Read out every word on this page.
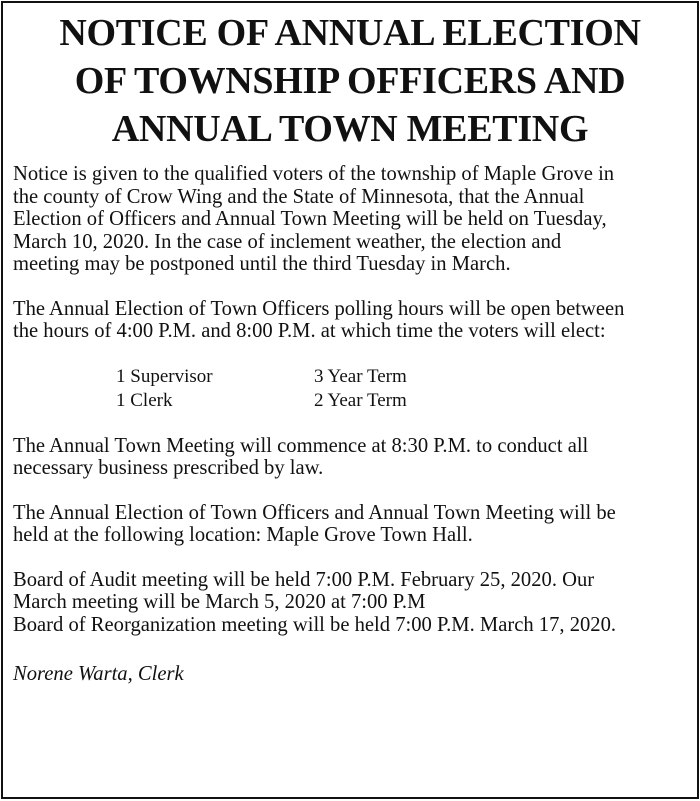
NOTICE OF ANNUAL ELECTION
OF TOWNSHIP OFFICERS AND
ANNUAL TOWN MEETING

Notice is given to the qualified voters of the township of Maple Grove in
the county of Crow Wing and the State of Minnesota, that the Annual
Election of Officers and Annual Town Meeting will be held on Tuesday,
March 10, 2020. In the case of inclement weather, the election and
meeting may be postponed until the third Tuesday in March.

The Annual Election of Town Officers polling hours will be open between
the hours of 4:00 P.M. and 8:00 P.M. at which time the voters will elect:

1 Supervisor	3 Year Term
1 Clerk	2 Year Term

The Annual Town Meeting will commence at 8:30 P.M. to conduct all
necessary business prescribed by law.

The Annual Election of Town Officers and Annual Town Meeting will be
held at the following location: Maple Grove Town Hall.

Board of Audit meeting will be held 7:00 P.M. February 25, 2020. Our
March meeting will be March 5, 2020 at 7:00 P.M
Board of Reorganization meeting will be held 7:00 P.M. March 17, 2020.

Norene Warta, Clerk
